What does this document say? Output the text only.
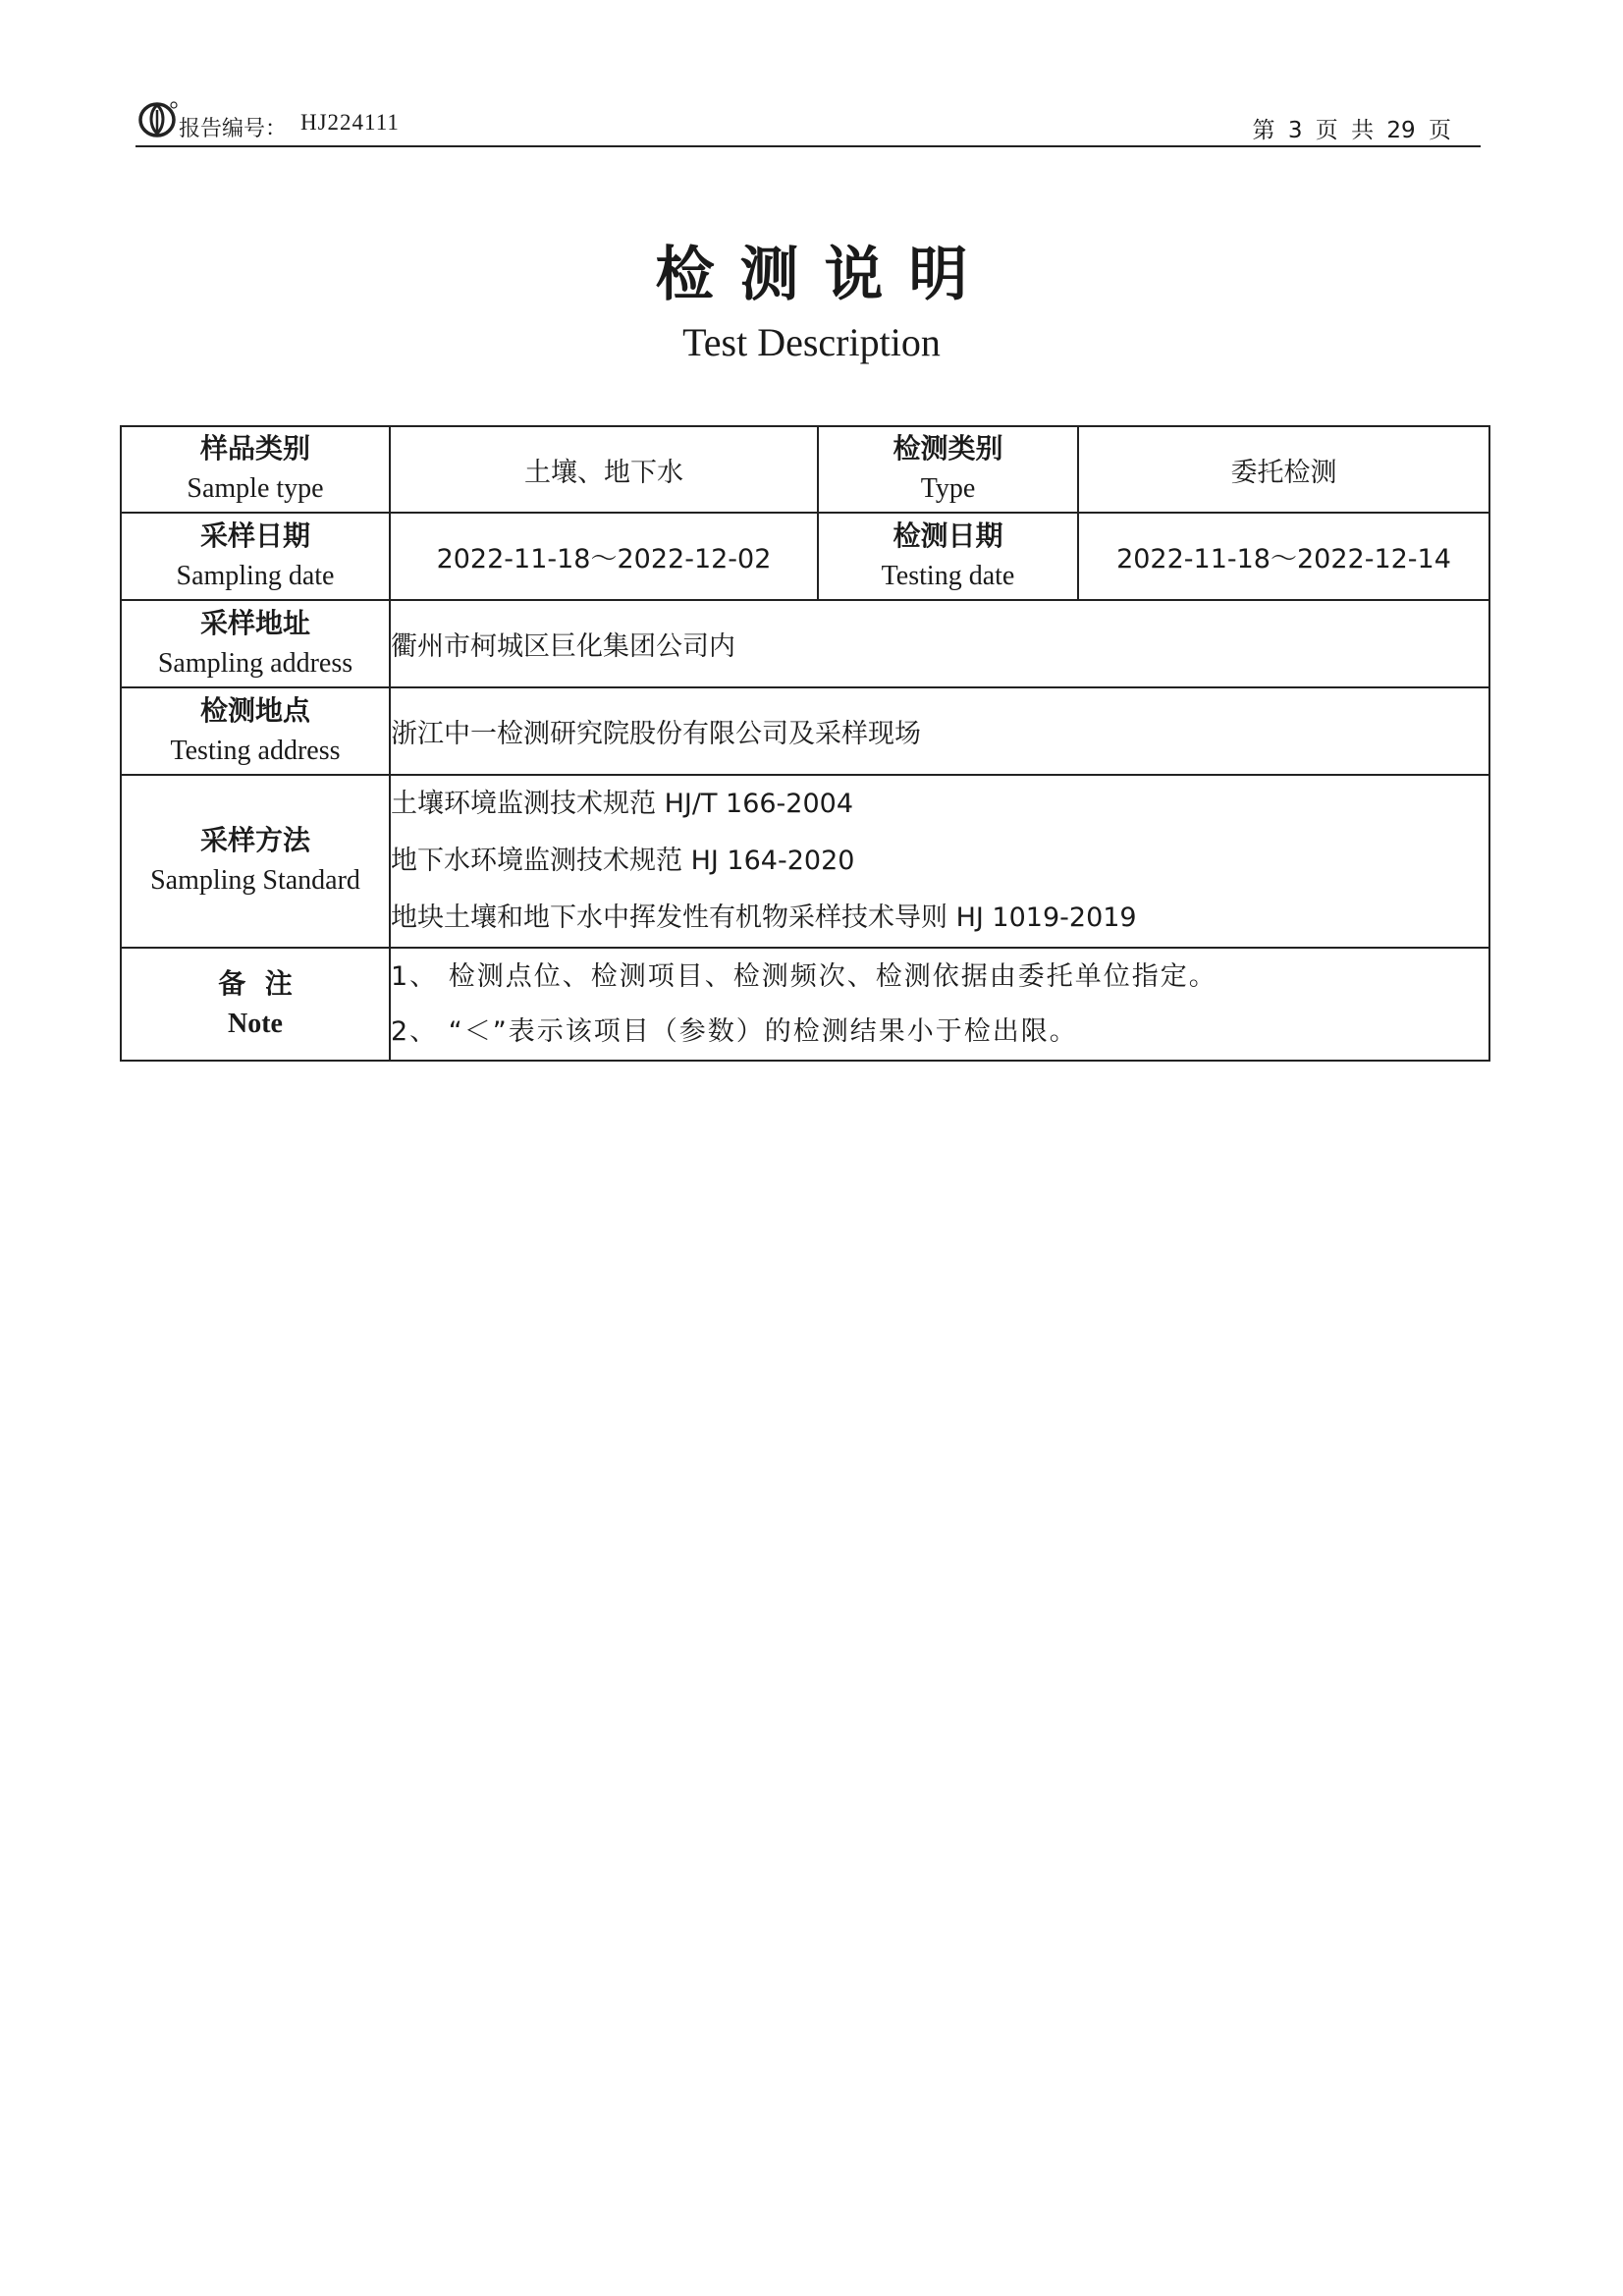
报告编号： HJ224111	第 3 页 共 29 页
检测说明
Test Description
样品类别
Sample type	土壤、地下水	检测类别
Type	委托检测

采样日期
Sampling date	2022-11-18～2022-12-02	检测日期
Testing date	2022-11-18～2022-12-14

采样地址
Sampling address	衢州市柯城区巨化集团公司内		

检测地点
Testing address	浙江中一检测研究院股份有限公司及采样现场		

采样方法
Sampling Standard	土壤环境监测技术规范 HJ/T 166-2004
地下水环境监测技术规范 HJ 164-2020
地块土壤和地下水中挥发性有机物采样技术导则 HJ 1019-2019		

备  注
Note	1、 检测点位、检测项目、检测频次、检测依据由委托单位指定。
2、 “＜”表示该项目（参数）的检测结果小于检出限。		
